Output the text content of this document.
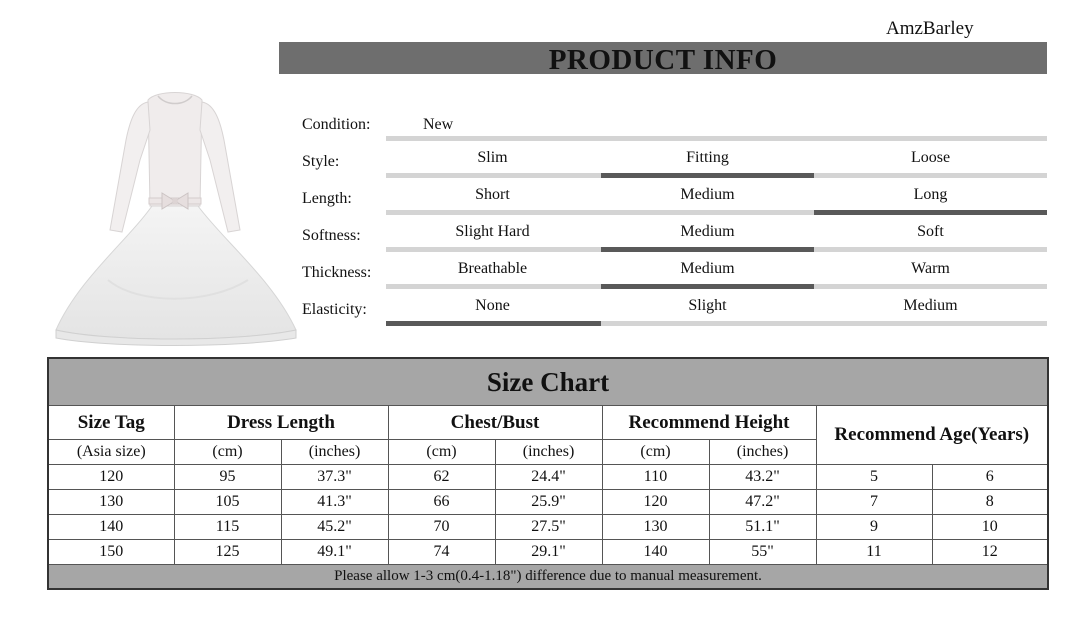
AmzBarley
PRODUCT INFO
Condition:	New
Style:	Slim	Fitting	Loose
Length:	Short	Medium	Long
Softness:	Slight Hard	Medium	Soft
Thickness:	Breathable	Medium	Warm
Elasticity:	None	Slight	Medium
Size Chart								
Size Tag	Dress Length		Chest/Bust		Recommend Height		Recommend Age(Years)	
(Asia size)	(cm)	(inches)	(cm)	(inches)	(cm)	(inches)		
120	95	37.3"	62	24.4"	110	43.2"	5	6
130	105	41.3"	66	25.9"	120	47.2"	7	8
140	115	45.2"	70	27.5"	130	51.1"	9	10
150	125	49.1"	74	29.1"	140	55"	11	12
Please allow 1-3 cm(0.4-1.18") difference due to manual measurement.								
